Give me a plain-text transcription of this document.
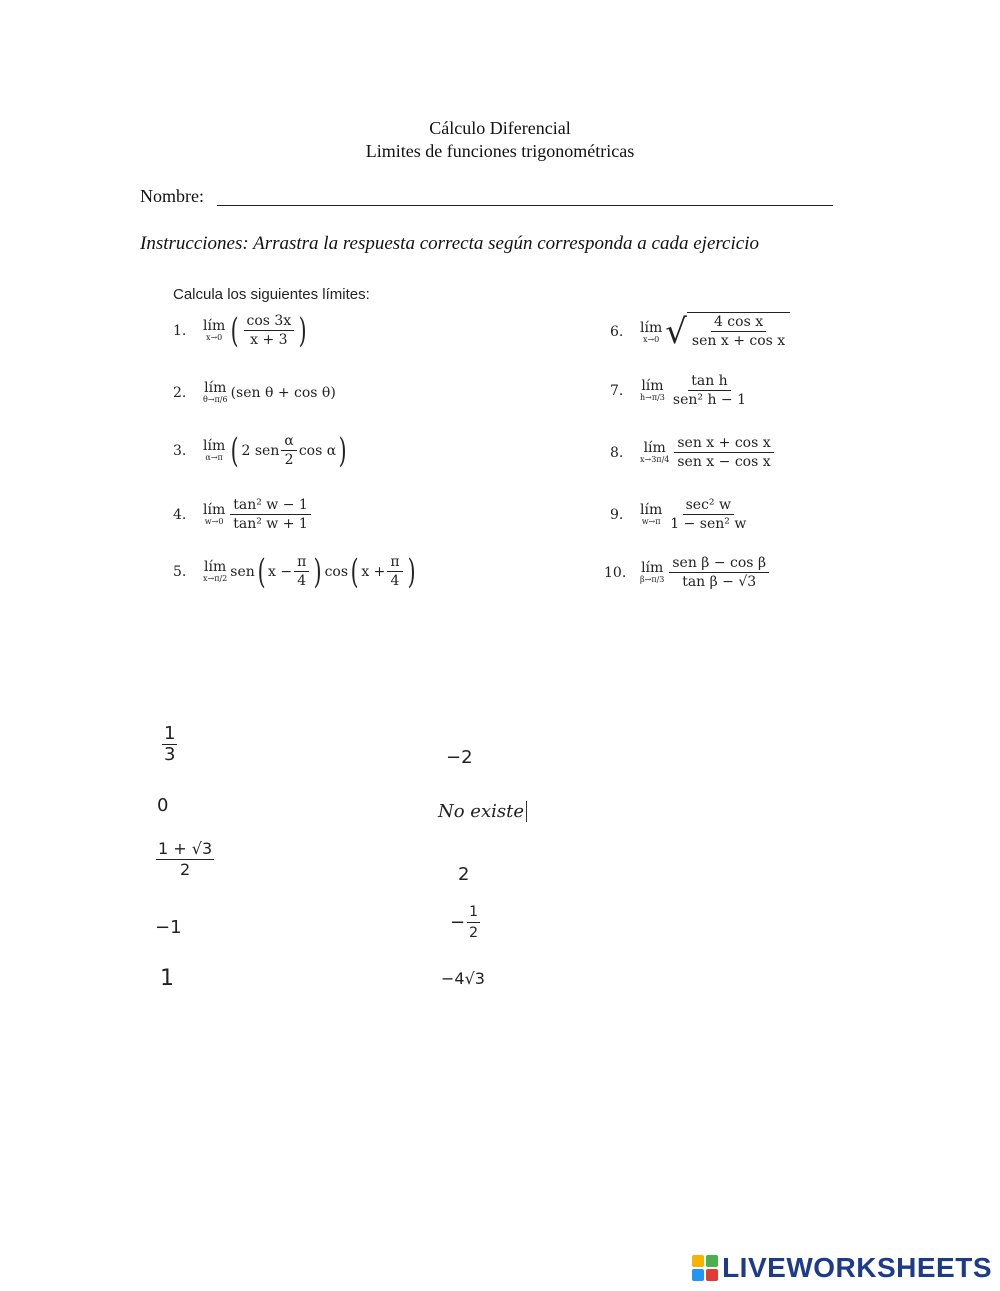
Cálculo Diferencial
Limites de funciones trigonométricas
Nombre:
Instrucciones: Arrastra la respuesta correcta según corresponda a cada ejercicio
Calcula los siguientes límites:
1.	lím
x→0 ( $\frac{\cos 3x}{x + 3}$ )
2.	lím
θ→π/6 (sen θ + cos θ)
3.	lím
α→π ( 2 sen $\frac{\alpha}{2}$ cos α )
4.	lím
$w\to 0 \frac{\text{tan² w − 1}}{\text{tan² w + 1}}$
5.	lím
x→π/2 sen ( $x - \frac{\pi}{4}$ ) cos ( $x + \frac{\pi}{4}$ )
6.	lím
x→0 √ $\frac{\text{4 cos x}}{\text{sen x + cos x}}$
7.	lím
$h\to\pi/3 \frac{\text{tan h}}{\text{sen² h − 1}}$
8.	lím
$x\to 3\pi/4 \frac{\text{sen x + cos x}}{\text{sen x − cos x}}$
9.	lím
$w\to\pi \frac{\text{sec² w}}{\text{1 − sen² w}}$
10.	lím
$\beta\to\pi/3 \frac{\text{sen β − cos β}}{\text{tan β − √3}}$
$\frac{1}{3}$
0
$\frac{1 + √3}{2}$
−1
1
−2
No existe
2
− $\frac{1}{2}$
−4√3
LIVEWORKSHEETS
